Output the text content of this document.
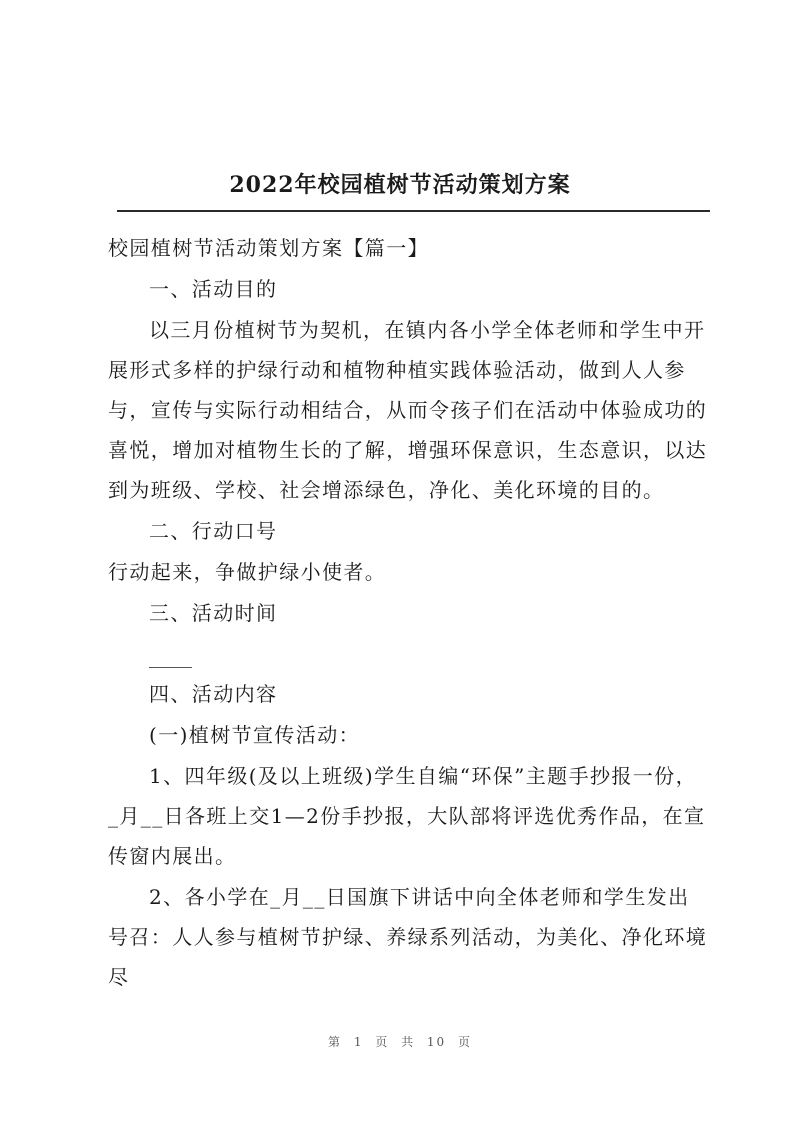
2022年校园植树节活动策划方案

校园植树节活动策划方案【篇一】

一、活动目的

以三月份植树节为契机，在镇内各小学全体老师和学生中开展形式多样的护绿行动和植物种植实践体验活动，做到人人参与，宣传与实际行动相结合，从而令孩子们在活动中体验成功的喜悦，增加对植物生长的了解，增强环保意识，生态意识，以达到为班级、学校、社会增添绿色，净化、美化环境的目的。

二、行动口号

行动起来，争做护绿小使者。

三、活动时间

四、活动内容

(一)植树节宣传活动：

1、四年级(及以上班级)学生自编“环保”主题手抄报一份，_月__日各班上交1—2份手抄报，大队部将评选优秀作品，在宣传窗内展出。

2、各小学在_月__日国旗下讲话中向全体老师和学生发出号召：人人参与植树节护绿、养绿系列活动，为美化、净化环境尽

第 1 页 共 10 页
